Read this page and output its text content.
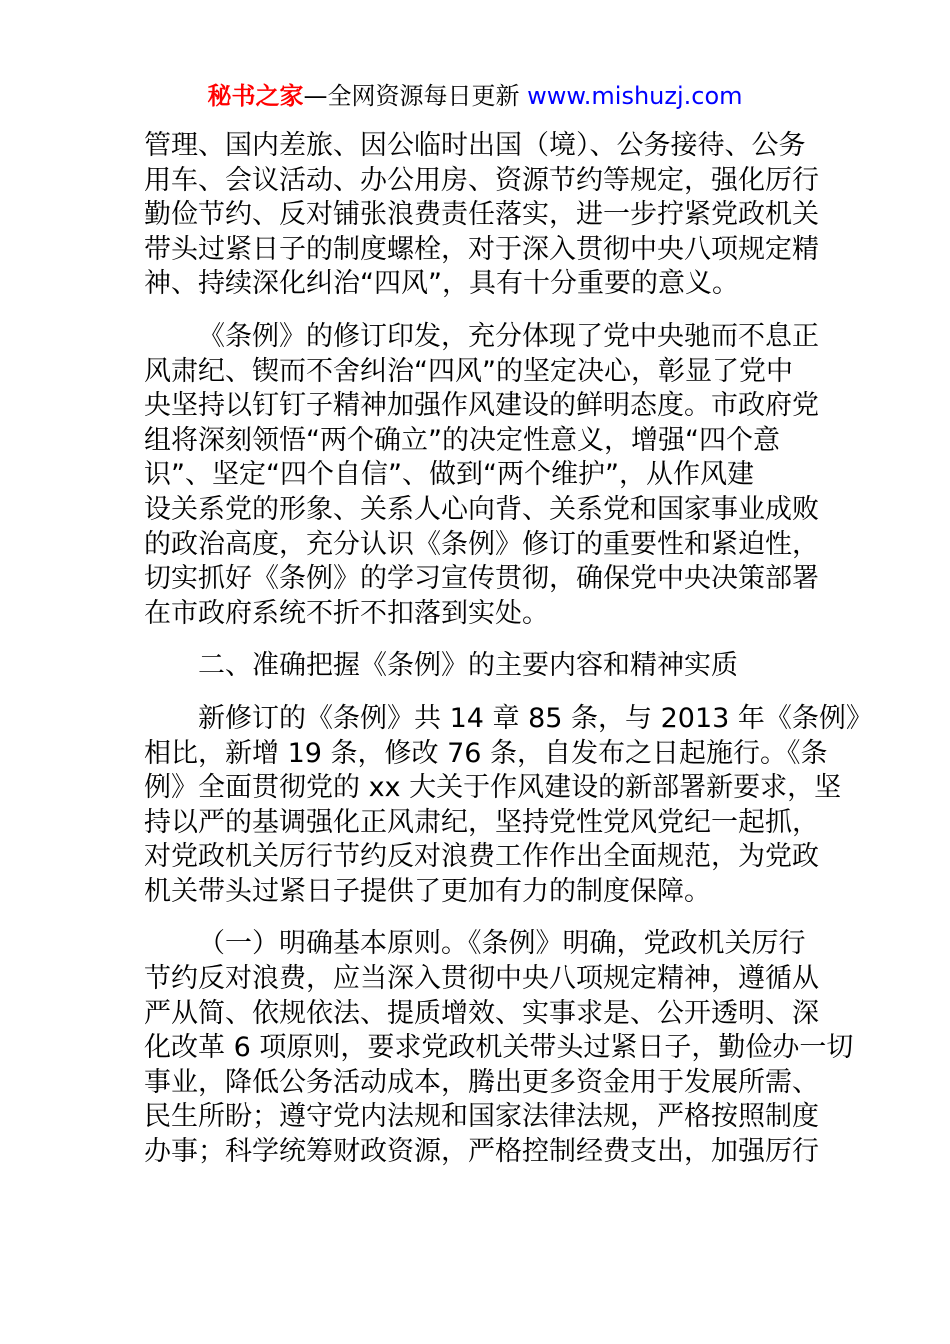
秘书之家—全网资源每日更新 www.mishuzj.com

管理、国内差旅、因公临时出国（境）、公务接待、公务
用车、会议活动、办公用房、资源节约等规定，强化厉行
勤俭节约、反对铺张浪费责任落实，进一步拧紧党政机关
带头过紧日子的制度螺栓，对于深入贯彻中央八项规定精
神、持续深化纠治“四风”，具有十分重要的意义。

《条例》的修订印发，充分体现了党中央驰而不息正
风肃纪、锲而不舍纠治“四风”的坚定决心，彰显了党中
央坚持以钉钉子精神加强作风建设的鲜明态度。市政府党
组将深刻领悟“两个确立”的决定性意义，增强“四个意
识”、坚定“四个自信”、做到“两个维护”，从作风建
设关系党的形象、关系人心向背、关系党和国家事业成败
的政治高度，充分认识《条例》修订的重要性和紧迫性，
切实抓好《条例》的学习宣传贯彻，确保党中央决策部署
在市政府系统不折不扣落到实处。

二、准确把握《条例》的主要内容和精神实质

新修订的《条例》共 14 章 85 条，与 2013 年《条例》
相比，新增 19 条，修改 76 条，自发布之日起施行。《条
例》全面贯彻党的 xx 大关于作风建设的新部署新要求，坚
持以严的基调强化正风肃纪，坚持党性党风党纪一起抓，
对党政机关厉行节约反对浪费工作作出全面规范，为党政
机关带头过紧日子提供了更加有力的制度保障。

（一）明确基本原则。《条例》明确，党政机关厉行
节约反对浪费，应当深入贯彻中央八项规定精神，遵循从
严从简、依规依法、提质增效、实事求是、公开透明、深
化改革 6 项原则，要求党政机关带头过紧日子，勤俭办一切
事业，降低公务活动成本，腾出更多资金用于发展所需、
民生所盼；遵守党内法规和国家法律法规，严格按照制度
办事；科学统筹财政资源，严格控制经费支出，加强厉行
